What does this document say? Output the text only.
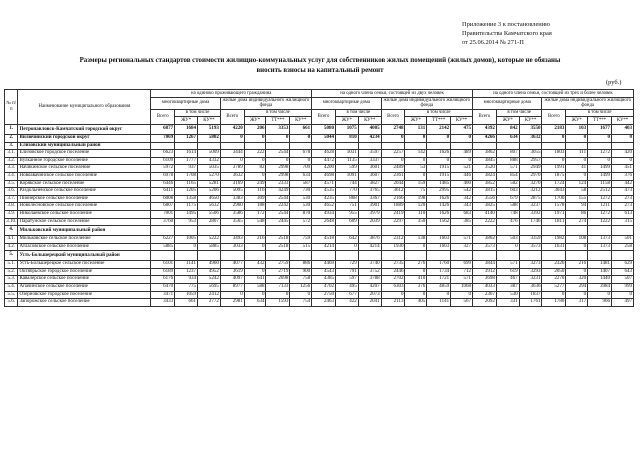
Приложение 3 к постановлению
Правительства Камчатского края
от 25.06.2014 № 271-П
Размеры региональных стандартов стоимости жилищно-коммунальных услуг для собственников жилых помещений (жилых домов), которые не обязаны
вносить взносы на капитальный ремонт
(руб.)
№ п/п	Наименование муниципального образования	на одиноко проживающего гражданина							на одного члена семьи, состоящей из двух человек							на одного члена семьи, состоящей из трех и более человек						
		многоквартирные дома			жилые дома индивидуального жилищного фонда				многоквартирные дома			жилые дома индивидуального жилищного фонда				многоквартирные дома			жилые дома индивидуального жилищного фонда			
		Всего	в том числе		Всего	в том числе			Всего	в том числе		Всего	в том числе			Всего	в том числе		Всего	в том числе		
			ЖУ*	КУ**		ЖУ*	ТТ***	КУ**		ЖУ*	КУ**		ЖУ*	ТТ***	КУ**		ЖУ*	КУ**		ЖУ*	ТТ***	КУ**
1.	Петропавловск-Камчатский городской округ	6877	1684	5193	4220	206	3353	661	5080	1075	4005	2748	131	2142	475	4392	842	3550	2183	103	1677	403
2.	Вилючинский городской округ	7069	1267	5802	0	0	0	0	5044	810	4234	0	0	0	0	4266	634	3632	0	0	0	0
3.	Елизовский муниципальный район																					
3.1.	Елизовское городское поселение	6623	1614	5009	3444	222	2544	678	4628	1031	3597	2257	142	1626	489	3862	807	3055	1803	111	1272	420
3.2.	Вулканное городское поселение	6109	1777	4332	0	0	0	0	4472	1135	3337	0	0	0	0	3845	888	2957	0	0	0	0
3.3.	Начикинское сельское поселение	5972	937	5035	3789	82	2998	709	4200	599	3601	2489	53	1915	521	3520	571	2949	1991	41	1499	451
3.4.	Новоавачинское сельское поселение	6978	1708	5270	3632	0	2998	634	4698	1091	3607	2361	0	1915	446	3824	854	2970	1875	0	1499	376
3.5.	Корякское сельское поселение	6446	1165	5281	3169	249	2333	587	4571	744	3827	2044	159	1485	400	3852	582	3270	1724	124	1158	442
3.6.	Раздольненское сельское поселение	6411	1205	5206	5095	116	4249	730	4535	770	3765	3612	75	2995	542	3815	603	3212	3043	58	2512	473
3.7.	Пионерское сельское поселение	6008	1358	4650	3383	309	2544	530	4235	868	3367	2166	198	1626	342	3556	679	2875	1700	155	1272	273
3.8.	Новолесновское сельское поселение	6807	1175	5632	2960	188	2242	530	4652	751	3901	1889	120	1426	343	3825	588	3237	1578	94	1211	273
3.9.	Николаевское сельское поселение	7001	1495	5506	3586	172	2544	870	4934	955	3979	2419	110	1626	683	4140	748	3392	1971	86	1272	613
3.10.	Паратунское сельское поселение	3760	953	2807	3565	548	2445	572	2648	609	2039	2297	350	1562	385	2222	476	1746	1811	274	1222	315
4.	Мильковский муниципальный район																					
4.1.	Мильковское сельское поселение	6227	1005	5222	3493	216	2518	759	4518	642	3876	2312	138	1603	571	3862	503	3359	1982	108	1373	501
4.2.	Атласовское сельское поселение	5885	0	5885	3033	0	2518	515	4214	0	4214	1930	0	1603	327	3573	0	3573	1631	0	1373	258
5.	Усть-Большерецкий муниципальный район																					
5.1.	Усть-Большерецкое сельское поселение	6101	1141	4960	4077	432	2759	886	4469	729	3740	2735	276	1760	699	3844	571	3273	2326	216	1481	629
5.2.	Октябрьское городское поселение	6189	1237	4952	3619	0	2719	900	4543	791	3752	2446	0	1734	712	3912	619	3293	2050	0	1407	643
5.3.	Кавалерское сельское поселение	6176	934	5242	4097	641	2698	758	4385	597	3788	2702	410	1721	571	3698	467	3231	2270	320	1440	507
5.4.	Апачинское сельское поселение	6470	775	5695	8977	588	7133	1256	4702	495	4207	6303	376	4859	1068	4033	387	3636	5277	294	3984	999
5.5.	Озерновское городское поселение	3471	1059	2412	0	0	0	0	2750	677	2073	0	0	0	0	2367	530	1837	0	0	0	0
5.6.	Запорожское сельское поселение	3433	661	2772	2981	634	1593	754	2463	422	2041	2113	405	1141	567	2092	331	1761	1780	317	966	497
